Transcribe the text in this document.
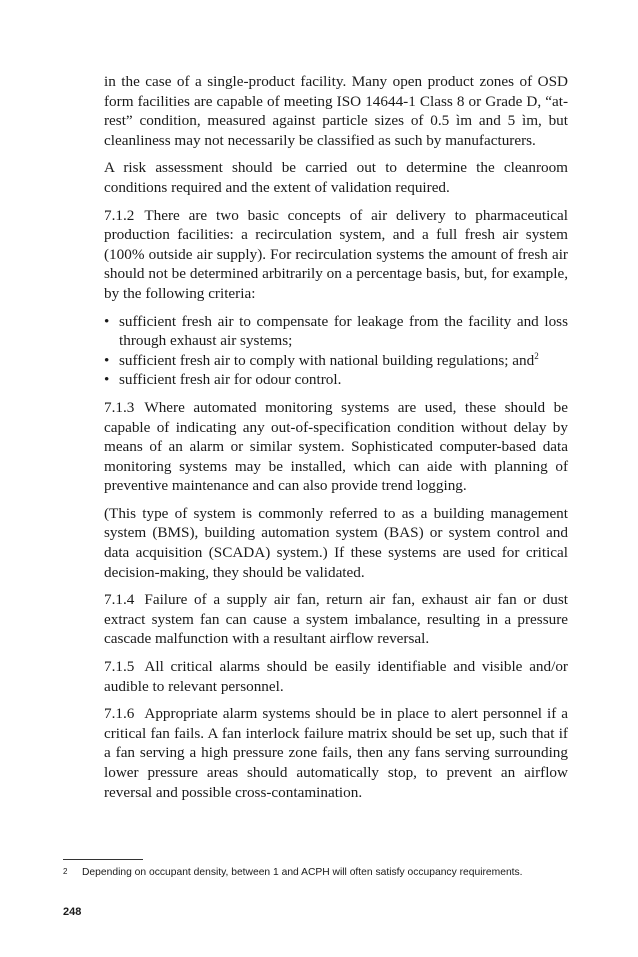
in the case of a single-product facility. Many open product zones of OSD form facilities are capable of meeting ISO 14644-1 Class 8 or Grade D, “at-rest” condition, measured against particle sizes of 0.5 ìm and 5 ìm, but cleanliness may not necessarily be classified as such by manufacturers.

A risk assessment should be carried out to determine the cleanroom conditions required and the extent of validation required.

7.1.2 There are two basic concepts of air delivery to pharmaceutical production facilities: a recirculation system, and a full fresh air system (100% outside air supply). For recirculation systems the amount of fresh air should not be determined arbitrarily on a percentage basis, but, for example, by the following criteria:

• sufficient fresh air to compensate for leakage from the facility and loss through exhaust air systems;
• sufficient fresh air to comply with national building regulations; and$^2$
• sufficient fresh air for odour control.

7.1.3 Where automated monitoring systems are used, these should be capable of indicating any out-of-specification condition without delay by means of an alarm or similar system. Sophisticated computer-based data monitoring systems may be installed, which can aide with planning of preventive maintenance and can also provide trend logging.

(This type of system is commonly referred to as a building management system (BMS), building automation system (BAS) or system control and data acquisition (SCADA) system.) If these systems are used for critical decision-making, they should be validated.

7.1.4 Failure of a supply air fan, return air fan, exhaust air fan or dust extract system fan can cause a system imbalance, resulting in a pressure cascade malfunction with a resultant airflow reversal.

7.1.5 All critical alarms should be easily identifiable and visible and/or audible to relevant personnel.

7.1.6 Appropriate alarm systems should be in place to alert personnel if a critical fan fails. A fan interlock failure matrix should be set up, such that if a fan serving a high pressure zone fails, then any fans serving surrounding lower pressure areas should automatically stop, to prevent an airflow reversal and possible cross-contamination.

2 Depending on occupant density, between 1 and ACPH will often satisfy occupancy requirements.
248
